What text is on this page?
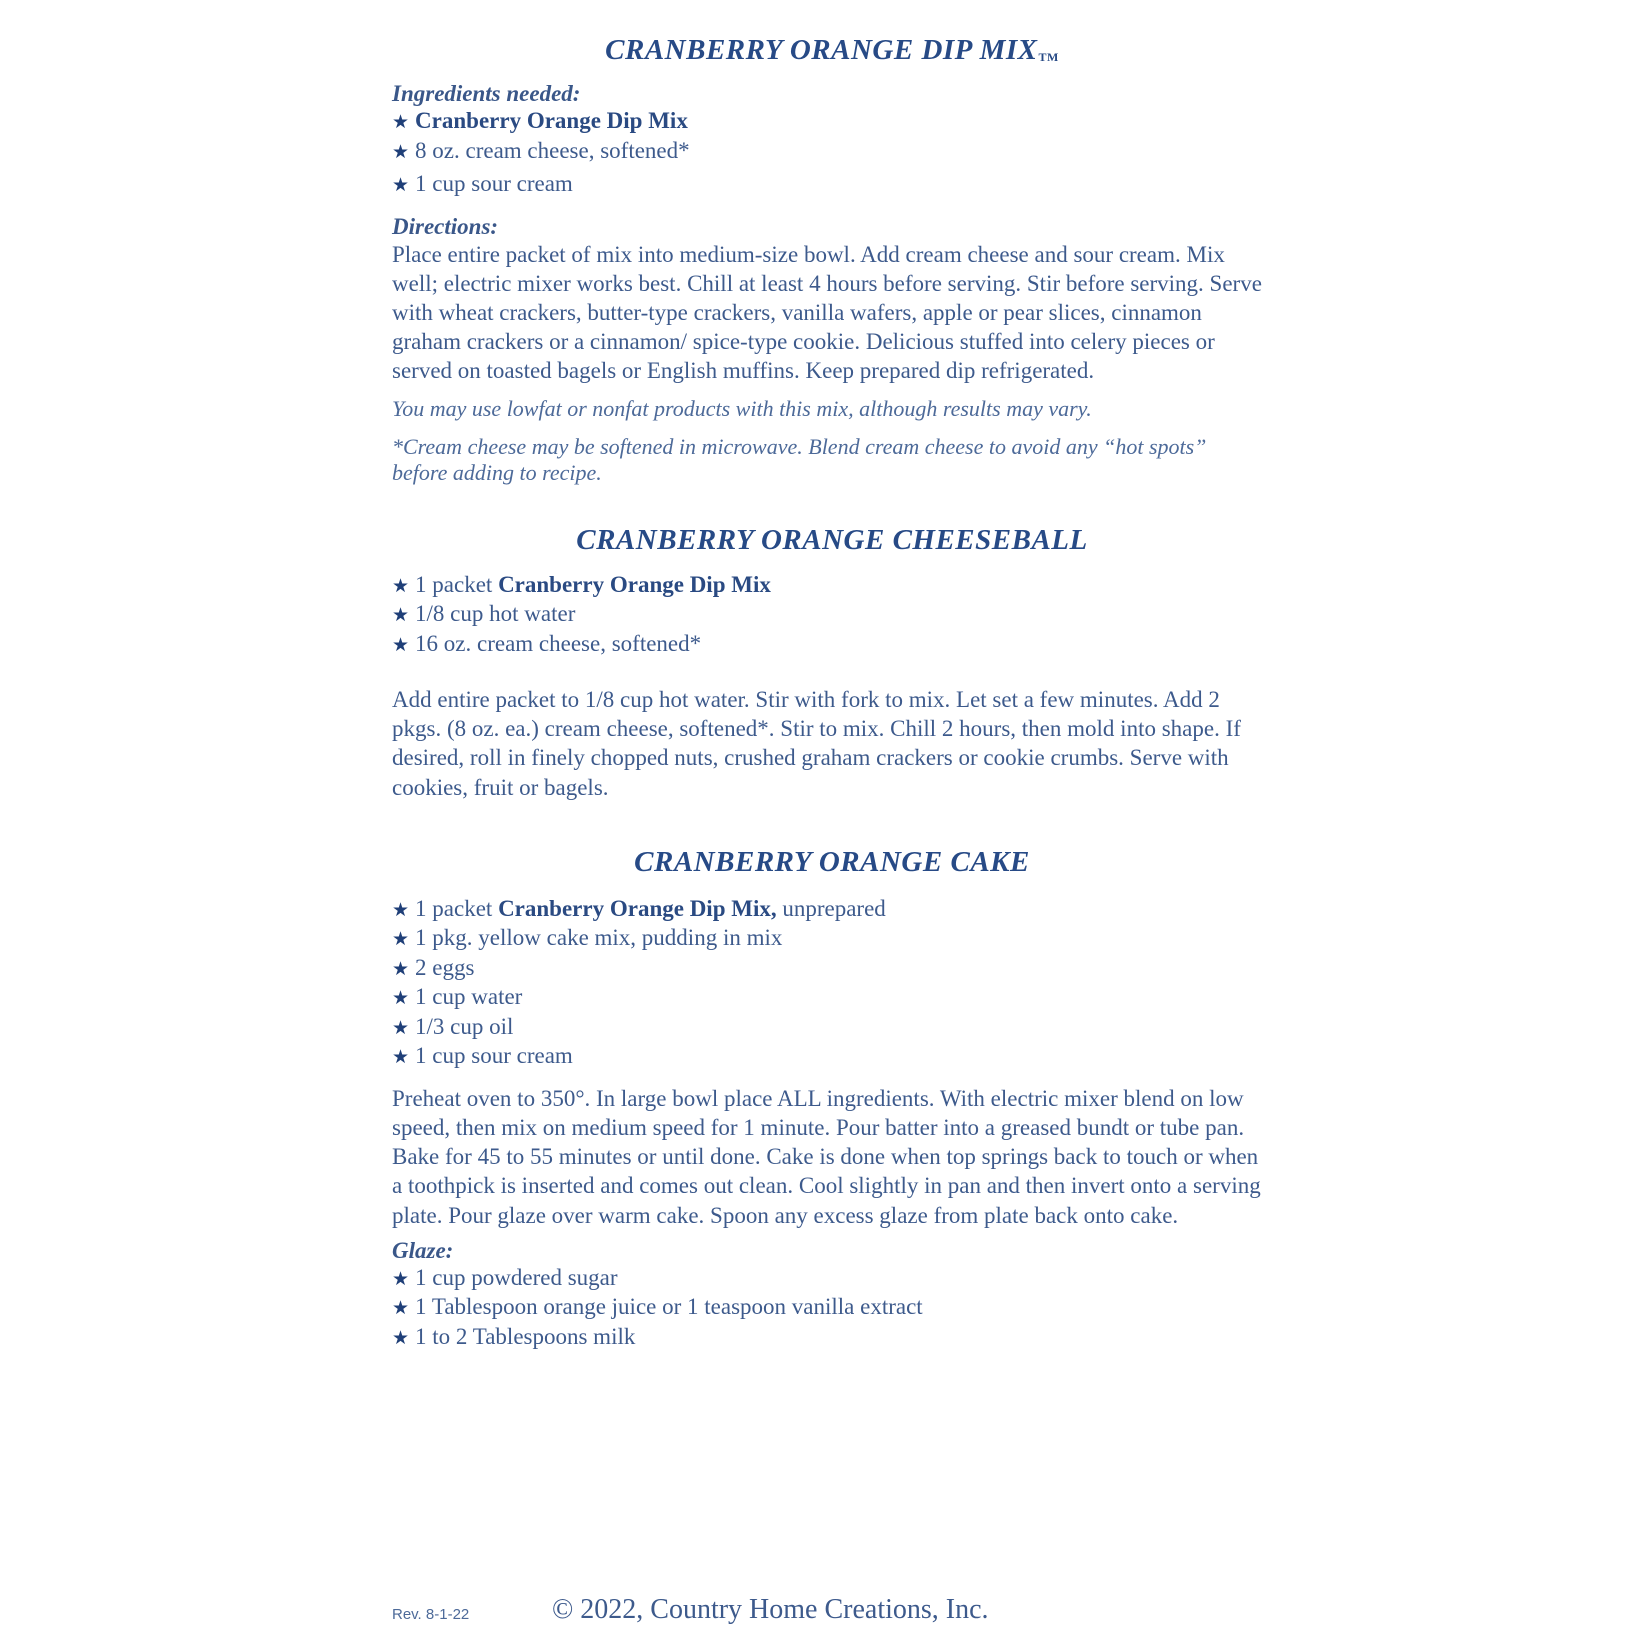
CRANBERRY ORANGE DIP MIXTM

Ingredients needed:

★ Cranberry Orange Dip Mix
★ 8 oz. cream cheese, softened*
★ 1 cup sour cream

Directions:

Place entire packet of mix into medium-size bowl. Add cream cheese and sour cream. Mix well; electric mixer works best. Chill at least 4 hours before serving. Stir before serving. Serve with wheat crackers, butter-type crackers, vanilla wafers, apple or pear slices, cinnamon graham crackers or a cinnamon/ spice-type cookie. Delicious stuffed into celery pieces or served on toasted bagels or English muffins. Keep prepared dip refrigerated.

You may use lowfat or nonfat products with this mix, although results may vary.

*Cream cheese may be softened in microwave. Blend cream cheese to avoid any “hot spots” before adding to recipe.

CRANBERRY ORANGE CHEESEBALL
★ 1 packet Cranberry Orange Dip Mix
★ 1/8 cup hot water
★ 16 oz. cream cheese, softened*

Add entire packet to 1/8 cup hot water. Stir with fork to mix. Let set a few minutes. Add 2 pkgs. (8 oz. ea.) cream cheese, softened*. Stir to mix. Chill 2 hours, then mold into shape. If desired, roll in finely chopped nuts, crushed graham crackers or cookie crumbs. Serve with cookies, fruit or bagels.

CRANBERRY ORANGE CAKE
★ 1 packet Cranberry Orange Dip Mix, unprepared
★ 1 pkg. yellow cake mix, pudding in mix
★ 2 eggs
★ 1 cup water
★ 1/3 cup oil
★ 1 cup sour cream

Preheat oven to 350°. In large bowl place ALL ingredients. With electric mixer blend on low speed, then mix on medium speed for 1 minute. Pour batter into a greased bundt or tube pan. Bake for 45 to 55 minutes or until done. Cake is done when top springs back to touch or when a toothpick is inserted and comes out clean. Cool slightly in pan and then invert onto a serving plate. Pour glaze over warm cake. Spoon any excess glaze from plate back onto cake.

Glaze:

★ 1 cup powdered sugar
★ 1 Tablespoon orange juice or 1 teaspoon vanilla extract
★ 1 to 2 Tablespoons milk
Rev. 8-1-22	© 2022, Country Home Creations, Inc.
